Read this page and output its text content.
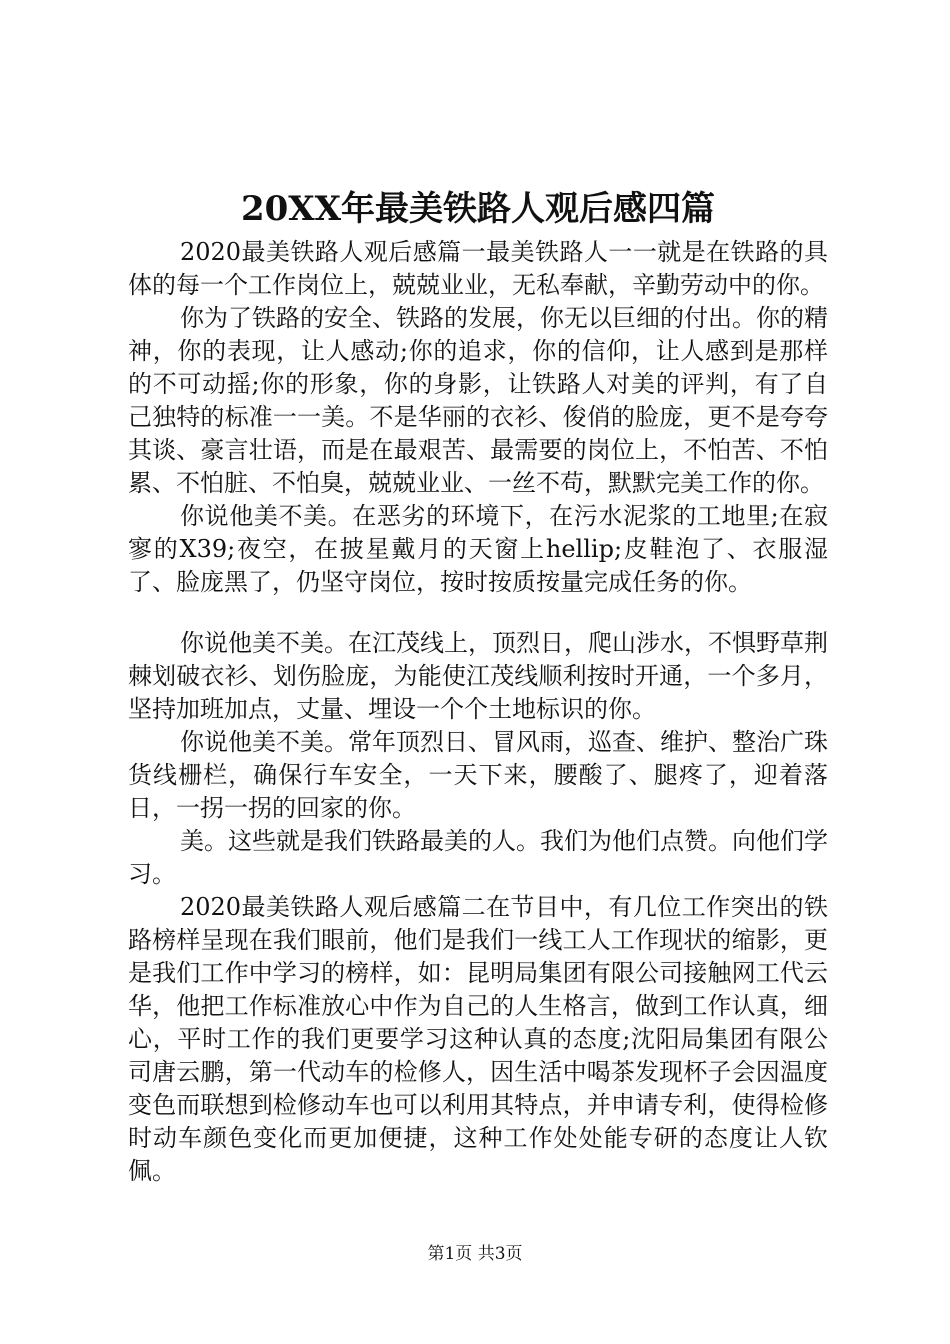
20XX年最美铁路人观后感四篇

2020最美铁路人观后感篇一最美铁路人一一就是在铁路的具体的每一个工作岗位上，兢兢业业，无私奉献，辛勤劳动中的你。

你为了铁路的安全、铁路的发展，你无以巨细的付出。你的精神，你的表现，让人感动;你的追求，你的信仰，让人感到是那样的不可动摇;你的形象，你的身影，让铁路人对美的评判，有了自己独特的标准一一美。不是华丽的衣衫、俊俏的脸庞，更不是夸夸其谈、豪言壮语，而是在最艰苦、最需要的岗位上，不怕苦、不怕累、不怕脏、不怕臭，兢兢业业、一丝不苟，默默完美工作的你。

你说他美不美。在恶劣的环境下，在污水泥浆的工地里;在寂寥的X39;夜空，在披星戴月的天窗上hellip;皮鞋泡了、衣服湿了、脸庞黑了，仍坚守岗位，按时按质按量完成任务的你。

你说他美不美。在江茂线上，顶烈日，爬山涉水，不惧野草荆棘划破衣衫、划伤脸庞，为能使江茂线顺利按时开通，一个多月，坚持加班加点，丈量、埋设一个个土地标识的你。

你说他美不美。常年顶烈日、冒风雨，巡查、维护、整治广珠货线栅栏，确保行车安全，一天下来，腰酸了、腿疼了，迎着落日，一拐一拐的回家的你。

美。这些就是我们铁路最美的人。我们为他们点赞。向他们学习。

2020最美铁路人观后感篇二在节目中，有几位工作突出的铁路榜样呈现在我们眼前，他们是我们一线工人工作现状的缩影，更是我们工作中学习的榜样，如：昆明局集团有限公司接触网工代云华，他把工作标准放心中作为自己的人生格言，做到工作认真，细心，平时工作的我们更要学习这种认真的态度;沈阳局集团有限公司唐云鹏，第一代动车的检修人，因生活中喝茶发现杯子会因温度变色而联想到检修动车也可以利用其特点，并申请专利，使得检修时动车颜色变化而更加便捷，这种工作处处能专研的态度让人钦佩。

第1页 共3页
